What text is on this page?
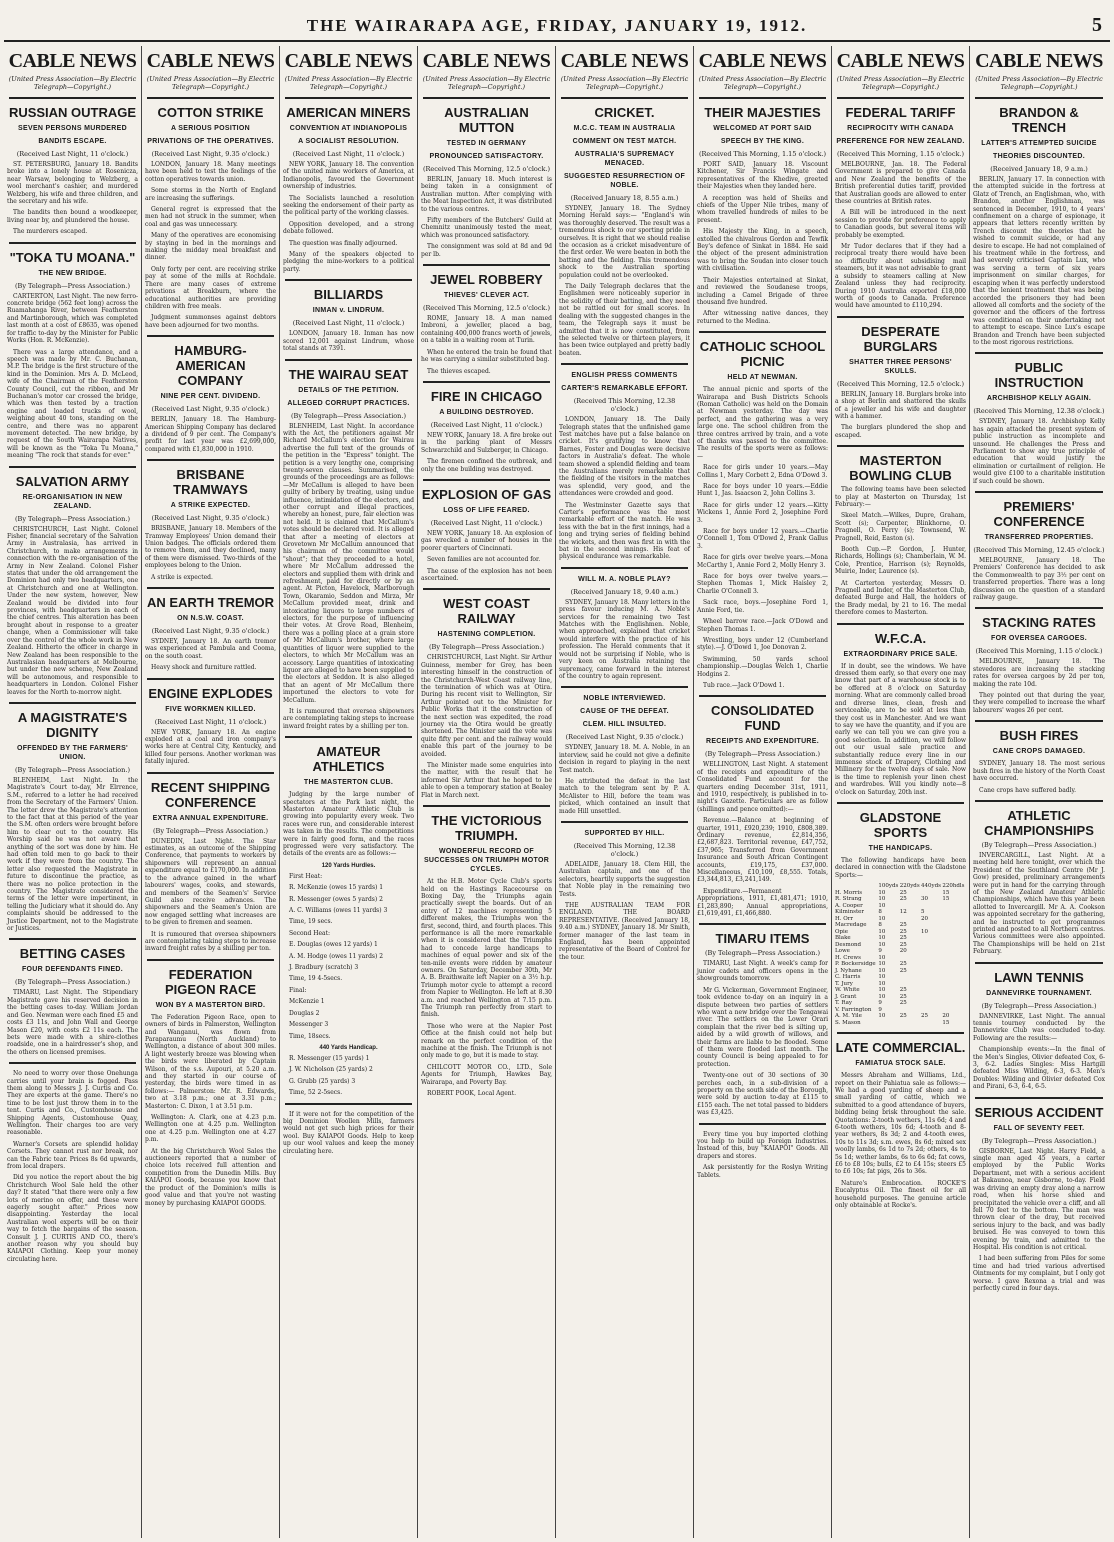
THE WAIRARAPA AGE, FRIDAY, JANUARY 19, 1912.	5
CABLE NEWS
(United Press Association—By Electric Telegraph—Copyright.)
RUSSIAN OUTRAGE
SEVEN PERSONS MURDERED
BANDITS ESCAPE.
(Received Last Night, 11 o'clock.)

ST. PETERSBURG, January 18. Bandits broke into a lonely house at Rosenicza, near Warsaw, belonging to Welzberg, a wool merchant's cashier, and murdered Welzberg, his wife and three children, and the secretary and his wife.

The bandits then bound a woodkeeper, living near by, and plundered the house.

The murderers escaped.

"TOKA TU MOANA."
THE NEW BRIDGE.
(By Telegraph—Press Association.)

CARTERTON, Last Night. The new ferro-concrete bridge (562 feet long) across the Ruamahanga River, between Featherston and Martinborough, which was completed last month at a cost of £8635, was opened for traffic to-day by the Minister for Public Works (Hon. R. McKenzie).

There was a large attendance, and a speech was made by Mr. C. Buchanan, M.P. The bridge is the first structure of the kind in the Dominion. Mrs A. D. McLeod, wife of the Chairman of the Featherston County Council, cut the ribbon, and Mr Buchanan's motor car crossed the bridge, which was then tested by a traction engine and loaded trucks of wool, weighing about 40 tons, standing on the centre, and there was no apparent movement detected. The new bridge, by request of the South Wairarapa Natives, will be known as the "Toka Tu Moana," meaning "The rock that stands for ever."

SALVATION ARMY
RE-ORGANISATION IN NEW ZEALAND.
(By Telegraph—Press Association.)

CHRISTCHURCH, Last Night. Colonel Fisher, financial secretary of the Salvation Army in Australasia, has arrived in Christchurch, to make arrangements in connection with the re-organisation of the Army in New Zealand. Colonel Fisher states that under the old arrangement the Dominion had only two headquarters, one at Christchurch and one at Wellington. Under the new system, however, New Zealand would be divided into four provinces, with headquarters in each of the chief centres. This alteration has been brought about in response to a greater change, when a Commissioner will take over the control of the whole work in New Zealand. Hitherto the officer in charge in New Zealand has been responsible to the Australasian headquarters at Melbourne, but under the new scheme, New Zealand will be autonomous, and responsible to headquarters in London. Colonel Fisher leaves for the North to-morrow night.

A MAGISTRATE'S DIGNITY
OFFENDED BY THE FARMERS' UNION.
(By Telegraph—Press Association.)

BLENHEIM, Last Night. In the Magistrate's Court to-day, Mr Elrrence, S.M., referred to a letter he had received from the Secretary of the Farmers' Union. The letter drew the Magistrate's attention to the fact that at this period of the year the S.M. often orders were brought before him to clear out to the country. His Worship said he was not aware that anything of the sort was done by him. He had often told men to go back to their work if they were from the country. The letter also requested the Magistrate in future to discontinue the practice, as there was no police protection in the country. The Magistrate considered the terms of the letter were impertinent, in telling the Judiciary what it should do. Any complaints should be addressed to the Justice Department, not to the Magistrate or Justices.

BETTING CASES
FOUR DEFENDANTS FINED.
(By Telegraph—Press Association.)

TIMARU, Last Night. The Stipendiary Magistrate gave his reserved decision in the betting cases to-day. William Jordan and Geo. Newman were each fined £5 and costs £3 11s, and John Wall and George Mason £20, with costs £2 11s each. The bets were made with a shire-clothes roadside, one in a hairdresser's shop, and the others on licensed premises.

No need to worry over those Onehunga carries until your brain is fogged. Pass them along to Messrs J. J. Curtis and Co. They are experts at the game. There's no time to be lost just throw them in to the tent. Curtis and Co., Customhouse and Shipping Agents, Customhouse Quay, Wellington. Their charges too are very reasonable.

Warner's Corsets are splendid holiday Corsets. They cannot rust nor break, nor can the Fabric tear. Prices 8s 6d upwards, from local drapers.

Did you notice the report about the big Christchurch Wool Sale held the other day? It stated "that there were only a few lots of merino on offer, and these were eagerly sought after." Prices now disappointing. Yesterday the local Australian wool experts will be on their way to fetch the bargains of the season. Consult J. J. CURTIS AND CO., there's another reason why you should buy KAIAPOI Clothing. Keep your money circulating here.

CABLE NEWS
(United Press Association—By Electric Telegraph—Copyright.)
COTTON STRIKE
A SERIOUS POSITION
PRIVATIONS OF THE OPERATIVES.
(Received Last Night, 9.35 o'clock.)

LONDON, January 18. Many meetings have been held to test the feelings of the cotton operatives towards union.

Some storms in the North of England are increasing the sufferings.

General regret is expressed that the men had not struck in the summer, when coal and gas was unnecessary.

Many of the operatives are economising by staying in bed in the mornings and making the midday meal breakfast and dinner.

Only forty per cent. are receiving strike pay at some of the mills at Rochdale. There are many cases of extreme privations at Breakburn, where the educational authorities are providing children with free meals.

Judgment summonses against debtors have been adjourned for two months.

HAMBURG-AMERICAN COMPANY
NINE PER CENT. DIVIDEND.
(Received Last Night, 9.35 o'clock.)

BERLIN, January 18. The Hamburg-American Shipping Company has declared a dividend of 9 per cent. The Company's profit for last year was £2,699,000, compared with £1,830,000 in 1910.

BRISBANE TRAMWAYS
A STRIKE EXPECTED.
(Received Last Night, 9.35 o'clock.)

BRISBANE, January 18. Members of the Tramway Employees' Union demand their Union badges. The officials ordered them to remove them, and they declined, many of them were dismissed. Two-thirds of the employees belong to the Union.

A strike is expected.

AN EARTH TREMOR
ON N.S.W. COAST.
(Received Last Night, 9.35 o'clock.)

SYDNEY, January 18. An earth tremor was experienced at Pambula and Cooma, on the south coast.

Heavy shock and furniture rattled.

ENGINE EXPLODES
FIVE WORKMEN KILLED.
(Received Last Night, 11 o'clock.)

NEW YORK, January 18. An engine exploded at a coal and iron company's works here at Central City, Kentucky, and killed four persons. Another workman was fatally injured.

RECENT SHIPPING CONFERENCE
EXTRA ANNUAL EXPENDITURE.
(By Telegraph—Press Association.)

DUNEDIN, Last Night. The Star estimates, as an outcome of the Shipping Conference, that payments to workers by shipowners will represent an annual expenditure equal to £170,000. In addition to the advance gained in the wharf labourers' wages, cooks, and stewards, and members of the Seamen's' Service Guild also receive advances. The shipowners and the Seamen's Union are now engaged settling what increases are to be given to firemen and seamen.

It is rumoured that oversea shipowners are contemplating taking steps to increase inward freight rates by a shilling per ton.

FEDERATION PIGEON RACE
WON BY A MASTERTON BIRD.

The Federation Pigeon Race, open to owners of birds in Palmerston, Wellington and Wanganui, was flown from Paraparaumu (North Auckland) to Wellington, a distance of about 300 miles. A light westerly breeze was blowing when the birds were liberated by Captain Wilson, of the s.s. Aupouri, at 5.20 a.m. and they started in our course of yesterday, the birds were timed in as follows:— Palmerston: Mr. R. Edwards, two at 3.18 p.m.; one at 3.31 p.m.; Masterton: C. Dixon, 1 at 3.51 p.m.

Wellington: A. Clark, one at 4.23 p.m. Wellington one at 4.25 p.m. Wellington one at 4.25 p.m. Wellington one at 4.27 p.m.

At the big Christchurch Wool Sales the auctioneers reported that a number of choice lots received full attention and competition from the Dunedin Mills. Buy KAIAPOI Goods, because you know that the product of the Dominion's mills is good value and that you're not wasting money by purchasing KAIAPOI GOODS.

CABLE NEWS
(United Press Association—By Electric Telegraph—Copyright.)
AMERICAN MINERS
CONVENTION AT INDIANOPOLIS
A SOCIALIST RESOLUTION.
(Received Last Night, 11 o'clock.)

NEW YORK, January 18. The convention of the united mine workers of America, at Indianopolis, favoured the Government ownership of industries.

The Socialists launched a resolution seeking the endorsement of their party as the political party of the working classes.

Opposition developed, and a strong debate followed.

The question was finally adjourned.

Many of the speakers objected to pledging the mine-workers to a political party.

BILLIARDS
INMAN v. LINDRUM.
(Received Last Night, 11 o'clock.)

LONDON, January 18. Inman has now scored 12,001 against Lindrum, whose total stands at 7391.

THE WAIRAU SEAT
DETAILS OF THE PETITION.
ALLEGED CORRUPT PRACTICES.
(By Telegraph—Press Association.)

BLENHEIM, Last Night. In accordance with the Act, the petitioners against Mr Richard McCallum's election for Wairau advertise the full text of the grounds of the petition in the "Express" tonight. The petition is a very lengthy one, comprising twenty-seven clauses. Summarised, the grounds of the proceedings are as follows:—Mr McCallum is alleged to have been guilty of bribery by treating, using undue influence, intimidation of the electors, and other corrupt and illegal practices, whereby an honest, pure, fair election was not held. It is claimed that McCallum's votes should be declared void. It is alleged that after a meeting of electors at Grovetown Mr McCallum announced that his chairman of the committee would "shout"; that they proceeded to a hotel, where Mr McCallum addressed the electors and supplied them with drink and refreshment, paid for directly or by an agent. At Picton, Havelock, Marlborough Town, Okaramio, Seddon and Mirza, Mr McCallum provided meat, drink and intoxicating liquors to large numbers of electors, for the purpose of influencing their votes. At Grove Road, Blenheim, there was a polling place at a grain store of Mr McCallum's brother, where large quantities of liquor were supplied to the electors, to which Mr McCallum was an accessory. Large quantities of intoxicating liquor are alleged to have been supplied to the electors at Seddon. It is also alleged that an agent of Mr McCallum there importuned the electors to vote for McCallum.

It is rumoured that oversea shipowners are contemplating taking steps to increase inward freight rates by a shilling per ton.

AMATEUR ATHLETICS
THE MASTERTON CLUB.

Judging by the large number of spectators at the Park last night, the Masterton Amateur Athletic Club is growing into popularity every week. Two races were run, and considerable interest was taken in the results. The competitions were in fairly good form, and the races progressed were very satisfactory. The details of the events are as follows:—

120 Yards Hurdles.
First Heat:
R. McKenzie (owes 15 yards) 1
R. Messenger (owes 5 yards) 2
A. C. Williams (owes 11 yards) 3
Time, 19 secs.
Second Heat:
E. Douglas (owes 12 yards) 1
A. M. Hodge (owes 11 yards) 2
J. Bradbury (scratch) 3
Time, 19 4-5secs.
Final:
McKenzie 1
Douglas 2
Messenger 3
Time, 18secs.
440 Yards Handicap.
R. Messenger (15 yards) 1
J. W. Nicholson (25 yards) 2
G. Grubb (25 yards) 3
Time, 52 2-5secs.

If it were not for the competition of the big Dominion Woollen Mills, farmers would not get such high prices for their wool. Buy KAIAPOI Goods. Help to keep up our wool values and keep the money circulating here.

CABLE NEWS
(United Press Association—By Electric Telegraph—Copyright.)
AUSTRALIAN MUTTON
TESTED IN GERMANY
PRONOUNCED SATISFACTORY.
(Received This Morning, 12.5 o'clock.)

BERLIN, January 18. Much interest is being taken in a consignment of Australian mutton. After complying with the Meat Inspection Act, it was distributed to the various centres.

Fifty members of the Butchers' Guild at Chemnitz unanimously tested the meat, which was pronounced satisfactory.

The consignment was sold at 8d and 9d per lb.

JEWEL ROBBERY
THIEVES' CLEVER ACT.
(Received This Morning, 12.5 o'clock.)

ROME, January 18. A man named Imbroni, a jeweller, placed a bag, containing 400,000 francs worth of jewels, on a table in a waiting room at Turin.

When he entered the train he found that he was carrying a similar substituted bag.

The thieves escaped.

FIRE IN CHICAGO
A BUILDING DESTROYED.
(Received Last Night, 11 o'clock.)

NEW YORK, January 18. A fire broke out in the parking plant of Messrs Schwarzchild and Sulzberger, in Chicago.

The firemen confined the outbreak, and only the one building was destroyed.

EXPLOSION OF GAS
LOSS OF LIFE FEARED.
(Received Last Night, 11 o'clock.)

NEW YORK, January 18. An explosion of gas wrecked a number of houses in the poorer quarters of Cincinnati.

Seven families are not accounted for.

The cause of the explosion has not been ascertained.

WEST COAST RAILWAY
HASTENING COMPLETION.
(By Telegraph—Press Association.)

CHRISTCHURCH, Last Night. Sir Arthur Guinness, member for Grey, has been interesting himself in the construction of the Christchurch-West Coast railway line, the termination of which was at Otira. During his recent visit to Wellington, Sir Arthur pointed out to the Minister for Public Works that it the construction of the next section was expedited, the road journey via the Otira would be greatly shortened. The Minister said the vote was quite fifty per cent. and the railway would enable this part of the journey to be avoided.

The Minister made some enquiries into the matter, with the result that he informed Sir Arthur that he hoped to be able to open a temporary station at Bealey Flat in March next.

THE VICTORIOUS TRIUMPH.
WONDERFUL RECORD OF SUCCESSES ON TRIUMPH MOTOR CYCLES.

At the H.B. Motor Cycle Club's sports held on the Hastings Racecourse on Boxing Day, the Triumphs again practically swept the boards. Out of an entry of 12 machines representing 5 different makes, the Triumphs won the first, second, third, and fourth places. This performance is all the more remarkable when it is considered that the Triumphs had to concede large handicaps to machines of equal power and six of the ten-mile events were ridden by amateur owners. On Saturday, December 30th, Mr A. B. Braithwaite left Napier on a 3½ h.p. Triumph motor cycle to attempt a record from Napier to Wellington. He left at 8.30 a.m. and reached Wellington at 7.15 p.m. The Triumph ran perfectly from start to finish.

Those who were at the Napier Post Office at the finish could not help but remark on the perfect condition of the machine at the finish. The Triumph is not only made to go, but it is made to stay.

CHILCOTT MOTOR CO., LTD., Sole Agents for Triumph, Hawkes Bay, Wairarapa, and Poverty Bay.

ROBERT POOK, Local Agent.

CABLE NEWS
(United Press Association—By Electric Telegraph—Copyright.)
CRICKET.
M.C.C. TEAM IN AUSTRALIA
COMMENT ON TEST MATCH.
AUSTRALIA'S SUPREMACY MENACED.
SUGGESTED RESURRECTION OF NOBLE.
(Received January 18, 8.55 a.m.)

SYDNEY, January 18. The Sydney Morning Herald says:— "England's win was thoroughly deserved. The result was a tremendous shock to our sporting pride in ourselves. It is right that we should realise the occasion as a cricket misadventure of the first order. We were beaten in both the batting and the fielding. This tremendous shock to the Australian sporting population could not be overlooked.

The Daily Telegraph declares that the Englishmen were noticeably superior in the solidity of their batting, and they need not be rattled out for small scores. In dealing with the suggested changes in the team, the Telegraph says it must be admitted that it is now constituted, from the selected twelve or thirteen players, it has been twice outplayed and pretty badly beaten.

ENGLISH PRESS COMMENTS
CARTER'S REMARKABLE EFFORT.
(Received This Morning, 12.38 o'clock.)

LONDON, January 18. The Daily Telegraph states that the unfinished game Test matches have put a false balance on cricket. It's gratifying to know that Barnes, Foster and Douglas were decisive factors in Australia's defeat. The whole team showed a splendid fielding and team the Australians merely remarkable that the fielding of the visitors in the matches was splendid, very good, and the attendances were crowded and good.

The Westminster Gazette says that Carter's performance was the most remarkable effort of the match. He was less with the bat in the first innings, had a long and trying series of fielding behind the wickets, and then was first in with the bat in the second innings. His feat of physical endurance was remarkable.

WILL M. A. NOBLE PLAY?
(Received January 18, 9.40 a.m.)

SYDNEY, January 18. Many letters in the press favour inducing M. A. Noble's services for the remaining two Test Matches with the Englishmen. Noble, when approached, explained that cricket would interfere with the practice of his profession. The Herald comments that it would not be surprising if Noble, who is very keen on Australia retaining the supremacy, came forward in the interest of the country to again represent.

NOBLE INTERVIEWED.
CAUSE OF THE DEFEAT.
CLEM. HILL INSULTED.
(Received Last Night, 9.35 o'clock.)

SYDNEY, January 18. M. A. Noble, in an interview, said he could not give a definite decision in regard to playing in the next Test match.

He attributed the defeat in the last match to the telegram sent by P. A. McAlister to Hill, before the team was picked, which contained an insult that made Hill unsettled.

SUPPORTED BY HILL.
(Received This Morning, 12.38 o'clock.)

ADELAIDE, January 18. Clem Hill, the Australian captain, and one of the selectors, heartily supports the suggestion that Noble play in the remaining two Tests.

THE AUSTRALIAN TEAM FOR ENGLAND. THE BOARD REPRESENTATIVE. (Received January 18, 9.40 a.m.) SYDNEY, January 18. Mr Smith, former manager of the last team in England, has been appointed representative of the Board of Control for the tour.

CABLE NEWS
(United Press Association—By Electric Telegraph—Copyright.)
THEIR MAJESTIES
WELCOMED AT PORT SAID
SPEECH BY THE KING.
(Received This Morning, 1.15 o'clock.)

PORT SAID, January 18. Viscount Kitchener, Sir Francis Wingate and representatives of the Khedive, greeted their Majesties when they landed here.

A reception was held of Sheiks and chiefs of the Upper Nile tribes, many of whom travelled hundreds of miles to be present.

His Majesty the King, in a speech, extolled the chivalrous Gordon and Tewfik Bey's defence of Sinkat in 1884. He said the object of the present administration was to bring the Soudan into closer touch with civilisation.

Their Majesties entertained at Sinkat, and reviewed the Soudanese troops, including a Camel Brigade of three thousand five hundred.

After witnessing native dances, they returned to the Medina.

CATHOLIC SCHOOL PICNIC
HELD AT NEWMAN.

The annual picnic and sports of the Wairarapa and Bush Districts Schools (Roman Catholic) was held on the Domain at Newman yesterday. The day was perfect, and the gathering was a very large one. The school children from the three centres arrived by train, and a vote of thanks was passed to the committee. The results of the sports were as follows:—

Race for girls under 10 years.—May Collins 1, Mary Corbett 2, Edna O'Dowd 3.

Race for boys under 10 years.—Eddie Hunt 1, Jas. Isaacson 2, John Collins 3.

Race for girls under 12 years.—Kitty Wickens 1, Annie Ford 2, Josephine Ford 3.

Race for boys under 12 years.—Charlie O'Connell 1, Tom O'Dowd 2, Frank Gallus 3.

Race for girls over twelve years.—Mona McCarthy 1, Annie Ford 2, Molly Henry 3.

Race for boys over twelve years.—Stephen Thomas 1, Mick Haisley 2, Charlie O'Connell 3.

Sack race, boys.—Josephine Ford 1, Annie Ford, tie.

Wheel barrow race.—Jack O'Dowd and Stephen Thomas 1.

Wrestling, boys under 12 (Cumberland style).—J. O'Dowd 1, Joe Donovan 2.

Swimming, 50 yards school championship.—Douglas Welch 1, Charlie Hodgins 2.

Tub race.—Jack O'Dowd 1.

CONSOLIDATED FUND
RECEIPTS AND EXPENDITURE.
(By Telegraph—Press Association.)

WELLINGTON, Last Night. A statement of the receipts and expenditure of the Consolidated Fund account for the quarters ending December 31st, 1911, and 1910, respectively, is published in to-night's Gazette. Particulars are as follow (shillings and pence omitted):—

Revenue.—Balance at beginning of quarter, 1911, £920,239; 1910, £808,389. Ordinary revenue, £2,814,356, £2,687,823. Territorial revenue, £47,752, £37,965; Transferred from Government Insurance and South African Contingent accounts, £19,175, £37,000. Miscellaneous, £10,109, £8,555. Totals, £3,344,813, £3,241,149.

Expenditure.—Permanent Appropriations, 1911, £1,481,471; 1910, £1,283,890; Annual appropriations, £1,619,491, £1,466,880.

TIMARU ITEMS
(By Telegraph—Press Association.)

TIMARU, Last Night. A week's camp for junior cadets and officers opens in the showgrounds tomorrow.

Mr G. Vickerman, Government Engineer, took evidence to-day on an inquiry in a dispute between two parties of settlers who want a new bridge over the Tengawai river. The settlers on the Lower Orari complain that the river bed is silting up, aided by a wild growth of willows, and their farms are liable to be flooded. Some of them were flooded last month. The county Council is being appealed to for protection.

Twenty-one out of 30 sections of 30 perches each, in a sub-division of a property on the south side of the Borough, were sold by auction to-day at £115 to £155 each. The net total passed to bidders was £3,425.

Every time you buy imported clothing you help to build up Foreign Industries. Instead of this, buy "KAIAPOI" Goods. All drapers and stores.

Ask persistently for the Roslyn Writing Tablets.

CABLE NEWS
(United Press Association—By Electric Telegraph—Copyright.)
FEDERAL TARIFF
RECIPROCITY WITH CANADA
PREFERENCE FOR NEW ZEALAND.
(Received This Morning, 1.15 o'clock.)

MELBOURNE, Jan. 18. The Federal Government is prepared to give Canada and New Zealand the benefits of the British preferential duties tariff, provided that Australian goods are allowed to enter these countries at British rates.

A Bill will be introduced in the next session to provide for preference to apply to Canadian goods, but several items will probably be exempted.

Mr Tudor declares that if they had a reciprocal treaty there would have been no difficulty about subsidising mail steamers, but it was not advisable to grant a subsidy to steamers calling at New Zealand unless they had reciprocity. During 1910 Australia exported £18,000 worth of goods to Canada. Preference would have amounted to £110,294.

DESPERATE BURGLARS
SHATTER THREE PERSONS' SKULLS.
(Received This Morning, 12.5 o'clock.)

BERLIN, January 18. Burglars broke into a shop at Berlin and shattered the skulls of a jeweller and his wife and daughter with a hammer.

The burglars plundered the shop and escaped.

MASTERTON BOWLING CLUB

The following teams have been selected to play at Masterton on Thursday, 1st February:—

Skeel Match.—Wilkes, Dupre, Graham, Scott (s); Carpenter, Blinkhorne, O. Pragnell, O. Perry (s); Townsend, W. Pragnell, Reid, Easton (s).

Booth Cup.—P. Gordon, J. Hunter, Richards, Hollings (s); Chamberlain, W. M. Cole, Prentice, Harrison (s); Reynolds, Muirie, Inder, Laurence (s).

At Carterton yesterday, Messrs O. Pragnell and Inder, of the Masterton Club, defeated Burge and Hall, the holders of the Brady medal, by 21 to 16. The medal therefore comes to Masterton.

W.F.C.A.
EXTRAORDINARY PRICE SALE.

If in doubt, see the windows. We have dressed them early, so that every one may know that part of a warehouse stock is to be offered at 8 o'clock on Saturday morning. What are commonly called broad and diverse lines, clean, fresh and serviceable, are to be sold at less than they cost us in Manchester. And we want to say we have the quantity, and if you are early we can tell you we can give you a good selection. In addition, we will follow out our usual sale practice and substantially reduce every line in our immense stock of Drapery, Clothing and Millinery for the twelve days of sale. Now is the time to replenish your linen chest and wardrobes. Will you kindly note—8 o'clock on Saturday, 20th inst.

GLADSTONE SPORTS
THE HANDICAPS.

The following handicaps have been declared in connection with the Gladstone Sports:—

	100yds	220yds	440yds	220hdls
H. Morris	10	25		15
R. Strang	10	25	30	15
A. Cooper	10			
Kilminster	8	12	5	
H. Orr	10		20	
Macredage	8	25		
Opie	10	25	10	
Blake	10	25		
Desmond	10	25		
Lowe	9	20		
H. Crews	10			
P. Bockersidge	10	25		
J. Nyhane	10	25		
C. Harris	10			
T. Jury	10			
W. White	10	25		
J. Grant	10	25		
T. Ray	9	25		
V. Farrington	9			
A. M. Yile	10	25	25	20
S. Mason				15
LATE COMMERCIAL.
FAMIATUA STOCK SALE.

Messrs Abraham and Williams, Ltd., report on their Pahiatua sale as follows:—We had a good yarding of sheep and a small yarding of cattle, which we submitted to a good attendance of buyers, bidding being brisk throughout the sale. Quotations: 2-tooth wethers, 11s 6d; 4 and 6-tooth wethers, 10s 6d; 4-tooth and 8-year wethers, 8s 3d; 2 and 4-tooth ewes, 10s to 11s 3d; s.m. ewes, 8s 6d; mixed sex woolly lambs, 6s 1d to 7s 2d; others, 4s to 5s 1d; wether lambs, 6s to 6s 6d; fat cows, £6 to £8 10s; bulls, £2 to £4 15s; steers £5 to £6 10s; fat pigs, 26s to 36s.

Nature's Embrocation. ROCKE'S Eucalyptus Oil. The finest oil for all household purposes. The genuine article only obtainable at Rocke's.

CABLE NEWS
(United Press Association—By Electric Telegraph—Copyright.)
BRANDON & TRENCH
LATTER'S ATTEMPTED SUICIDE
THEORIES DISCOUNTED.
(Received January 18, 9 a.m.)

BERLIN, January 17. In connection with the attempted suicide in the fortress at Glatz of Trench, an Englishman, who, with Brandon, another Englishman, was sentenced in December, 1910, to 4 years' confinement on a charge of espionage, it appears that letters recently written by Trench discount the theories that he wished to commit suicide, or had any desire to escape. He had not complained of his treatment while in the fortress, and had severely criticised Captain Lux, who was serving a term of six years imprisonment on similar charges, for escaping when it was perfectly understood that the lenient treatment that was being accorded the prisoners they had been allowed all comforts and the society of the governor and the officers of the fortress was conditional on their undertaking not to attempt to escape. Since Lux's escape Brandon and Trench have been subjected to the most rigorous restrictions.

PUBLIC INSTRUCTION
ARCHBISHOP KELLY AGAIN.
(Received This Morning, 12.38 o'clock.)

SYDNEY, January 18. Archbishop Kelly has again attacked the present system of public instruction as incomplete and unsound. He challenges the Press and Parliament to show any true principle of education that would justify the elimination or curtailment of religion. He would give £100 to a charitable institution if such could be shown.

PREMIERS' CONFERENCE
TRANSFERRED PROPERTIES.
(Received This Morning, 12.45 o'clock.)

MELBOURNE, January 18. The Premiers' Conference has decided to ask the Commonwealth to pay 3½ per cent on transferred properties. There was a long discussion on the question of a standard railway gauge.

STACKING RATES
FOR OVERSEA CARGOES.
(Received This Morning, 1.15 o'clock.)

MELBOURNE, January 18. The stevedores are increasing the stacking rates for oversea cargoes by 2d per ton, making the rate 10d.

They pointed out that during the year, they were compelled to increase the wharf labourers' wages 26 per cent.

BUSH FIRES
CANE CROPS DAMAGED.

SYDNEY, January 18. The most serious bush fires in the history of the North Coast have occurred.

Cane crops have suffered badly.

ATHLETIC CHAMPIONSHIPS
(By Telegraph—Press Association.)

INVERCARGILL, Last Night. At a meeting held here tonight, over which the President of the Southland Centre (Mr J. Gow) presided, preliminary arrangements were put in hand for the carrying through of the New Zealand Amateur Athletic Championships, which have this year been allotted to Invercargill. Mr A. A. Cookson was appointed secretary for the gathering, and he instructed to get programmes printed and posted to all Northern centres. Various committees were also appointed. The Championships will be held on 21st February.

LAWN TENNIS
DANNEVIRKE TOURNAMENT.
(By Telegraph—Press Association.)

DANNEVIRKE, Last Night. The annual tennis tourney conducted by the Dannevirke Club was concluded to-day. Following are the results:—

Championship events:—In the final of the Men's Singles, Olivier defeated Cox, 6-3, 6-2. Ladies Singles: Miss Hartgill defeated Miss Wilding, 6-3, 6-3. Men's Doubles: Wilding and Olivier defeated Cox and Pirani, 6-3, 6-4, 6-5.

SERIOUS ACCIDENT
FALL OF SEVENTY FEET.
(By Telegraph—Press Association.)

GISBORNE, Last Night. Harry Field, a single man aged 45 years, a carter employed by the Public Works Department, met with a serious accident at Bakaunoa, near Gisborne, to-day. Field was driving an empty dray along a narrow road, when his horse shied and precipitated the vehicle over a cliff, and all fell 70 feet to the bottom. The man was thrown clear of the dray, but received serious injury to the back, and was badly bruised. He was conveyed to town this evening by train, and admitted to the Hospital. His condition is not critical.

I had been suffering from Piles for some time and had tried various advertised Ointments for my complaint, but I only got worse. I gave Rexona a trial and was perfectly cured in four days.
